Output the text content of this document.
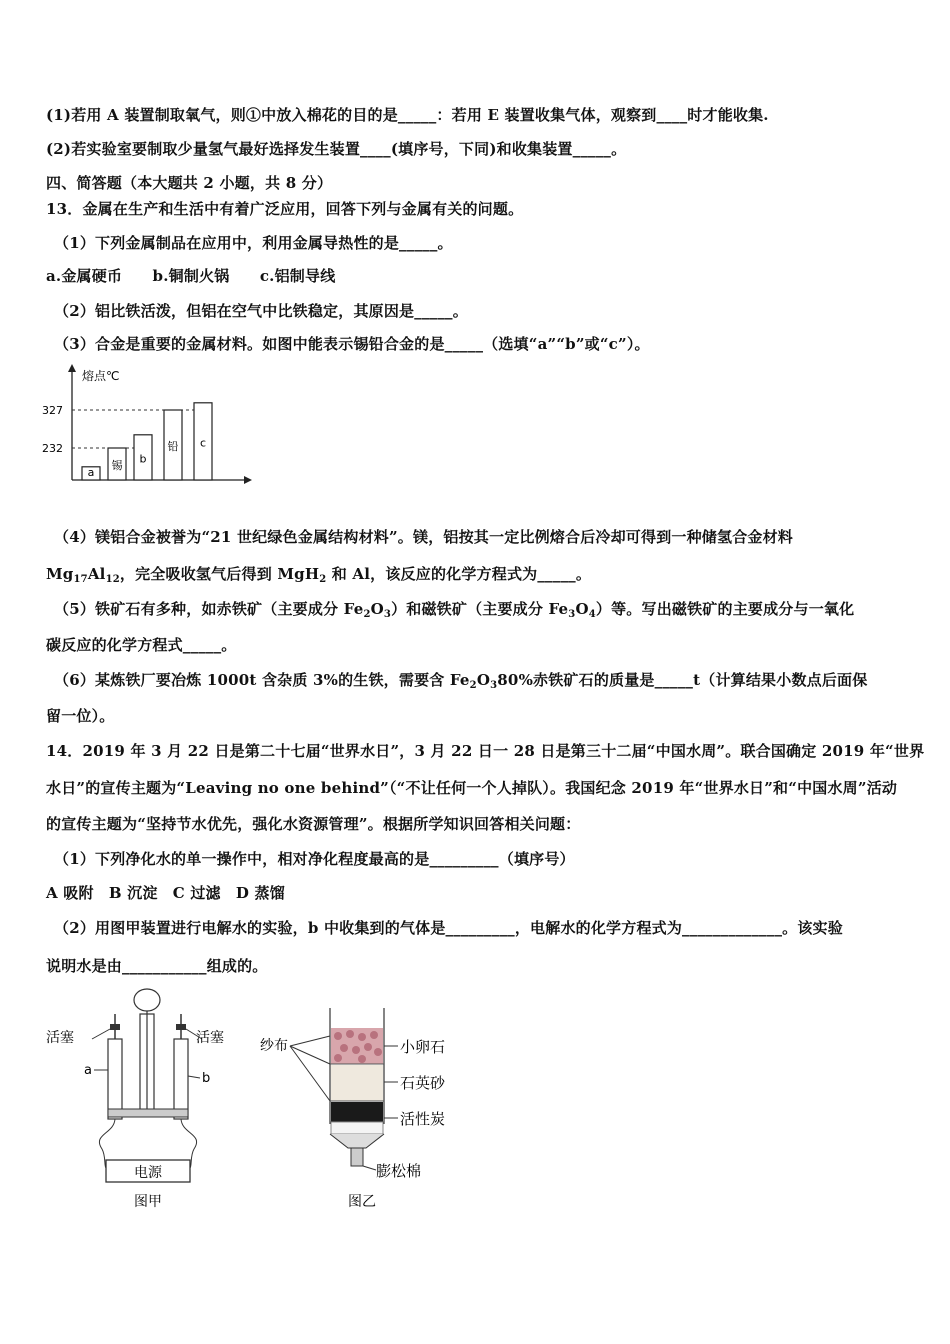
(1)若用 A 装置制取氧气，则①中放入棉花的目的是_____：若用 E 装置收集气体，观察到____时才能收集.
(2)若实验室要制取少量氢气最好选择发生装置____(填序号，下同)和收集装置_____。
四、简答题（本大题共 2 小题，共 8 分）
13．金属在生产和生活中有着广泛应用，回答下列与金属有关的问题。
（1）下列金属制品在应用中，利用金属导热性的是_____。
a.金属硬币　　b.铜制火锅　　c.铝制导线
（2）铝比铁活泼，但铝在空气中比铁稳定，其原因是_____。
（3）合金是重要的金属材料。如图中能表示锡铅合金的是_____（选填“a”“b”或“c”）。
（4）镁铝合金被誉为“21 世纪绿色金属结构材料”。镁，铝按其一定比例熔合后冷却可得到一种储氢合金材料
$Mg_{17}Al_{12}$，完全吸收氢气后得到 MgH$_2$ 和 Al，该反应的化学方程式为_____。
（5）铁矿石有多种，如赤铁矿（主要成分 $Fe_2O_3$）和磁铁矿（主要成分 $Fe_3O_4$）等。写出磁铁矿的主要成分与一氧化
碳反应的化学方程式_____。
（6）某炼铁厂要冶炼 1000t 含杂质 3%的生铁，需要含 $Fe_2O_380\%$赤铁矿石的质量是_____t（计算结果小数点后面保
留一位）。
14．2019 年 3 月 22 日是第二十七届“世界水日”，3 月 22 日一 28 日是第三十二届“中国水周”。联合国确定 2019 年“世界
水日”的宣传主题为“Leaving no one behind”（“不让任何一个人掉队）。我国纪念 2019 年“世界水日”和“中国水周”活动
的宣传主题为“坚持节水优先，强化水资源管理”。根据所学知识回答相关问题：
（1）下列净化水的单一操作中，相对净化程度最高的是_________（填序号）
A 吸附　B 沉淀　C 过滤　D 蒸馏
（2）用图甲装置进行电解水的实验，b 中收集到的气体是_________，电解水的化学方程式为_____________。该实验
说明水是由___________组成的。
熔点℃
327
232
a
锡
b
铅 c
活塞	活塞
a
b
电源
图甲
纱布	小卵石
石英砂
活性炭
膨松棉
图乙
